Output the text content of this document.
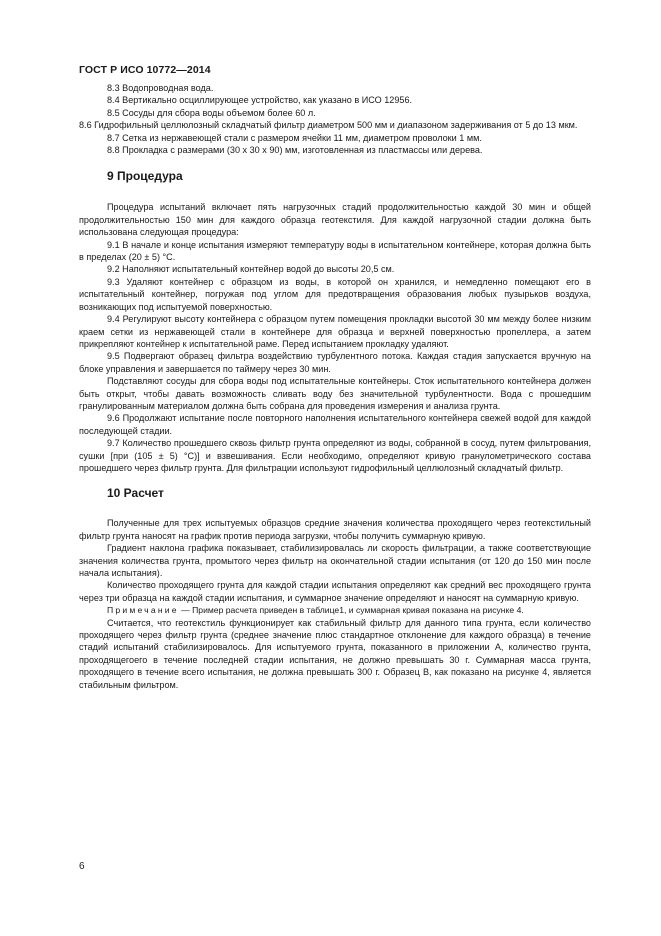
ГОСТ Р ИСО 10772—2014

8.3 Водопроводная вода.

8.4 Вертикально осциллирующее устройство, как указано в ИСО 12956.

8.5 Сосуды для сбора воды объемом более 60 л.

8.6 Гидрофильный целлюлозный складчатый фильтр диаметром 500 мм и диапазоном задерживания от 5 до 13 мкм.

8.7 Сетка из нержавеющей стали с размером ячейки 11 мм, диаметром проволоки 1 мм.

8.8 Прокладка с размерами (30 х 30 х 90) мм, изготовленная из пластмассы или дерева.

9 Процедура

Процедура испытаний включает пять нагрузочных стадий продолжительностью каждой 30 мин и общей продолжительностью 150 мин для каждого образца геотекстиля. Для каждой нагрузочной стадии должна быть использована следующая процедура:

9.1 В начале и конце испытания измеряют температуру воды в испытательном контейнере, которая должна быть в пределах (20 ± 5) °С.

9.2 Наполняют испытательный контейнер водой до высоты 20,5 см.

9.3 Удаляют контейнер с образцом из воды, в которой он хранился, и немедленно помещают его в испытательный контейнер, погружая под углом для предотвращения образования любых пузырьков воздуха, возникающих под испытуемой поверхностью.

9.4 Регулируют высоту контейнера с образцом путем помещения прокладки высотой 30 мм между более низким краем сетки из нержавеющей стали в контейнере для образца и верхней поверхностью пропеллера, а затем прикрепляют контейнер к испытательной раме. Перед испытанием прокладку удаляют.

9.5 Подвергают образец фильтра воздействию турбулентного потока. Каждая стадия запускается вручную на блоке управления и завершается по таймеру через 30 мин.

Подставляют сосуды для сбора воды под испытательные контейнеры. Сток испытательного контейнера должен быть открыт, чтобы давать возможность сливать воду без значительной турбулентности. Вода с прошедшим гранулированным материалом должна быть собрана для проведения измерения и анализа грунта.

9.6 Продолжают испытание после повторного наполнения испытательного контейнера свежей водой для каждой последующей стадии.

9.7 Количество прошедшего сквозь фильтр грунта определяют из воды, собранной в сосуд, путем фильтрования, сушки [при (105 ± 5) °С)] и взвешивания. Если необходимо, определяют кривую гранулометрического состава прошедшего через фильтр грунта. Для фильтрации используют гидрофильный целлюлозный складчатый фильтр.

10 Расчет

Полученные для трех испытуемых образцов средние значения количества проходящего через геотекстильный фильтр грунта наносят на график против периода загрузки, чтобы получить суммарную кривую.

Градиент наклона графика показывает, стабилизировалась ли скорость фильтрации, а также соответствующие значения количества грунта, промытого через фильтр на окончательной стадии испытания (от 120 до 150 мин после начала испытания).

Количество проходящего грунта для каждой стадии испытания определяют как средний вес проходящего грунта через три образца на каждой стадии испытания, и суммарное значение определяют и наносят на суммарную кривую.

Примечание — Пример расчета приведен в таблице1, и суммарная кривая показана на рисунке 4.

Считается, что геотекстиль функционирует как стабильный фильтр для данного типа грунта, если количество проходящего через фильтр грунта (среднее значение плюс стандартное отклонение для каждого образца) в течение стадий испытаний стабилизировалось. Для испытуемого грунта, показанного в приложении А, количество грунта, проходящегоего в течение последней стадии испытания, не должно превышать 30 г. Суммарная масса грунта, проходящего в течение всего испытания, не должна превышать 300 г. Образец В, как показано на рисунке 4, является стабильным фильтром.

6
